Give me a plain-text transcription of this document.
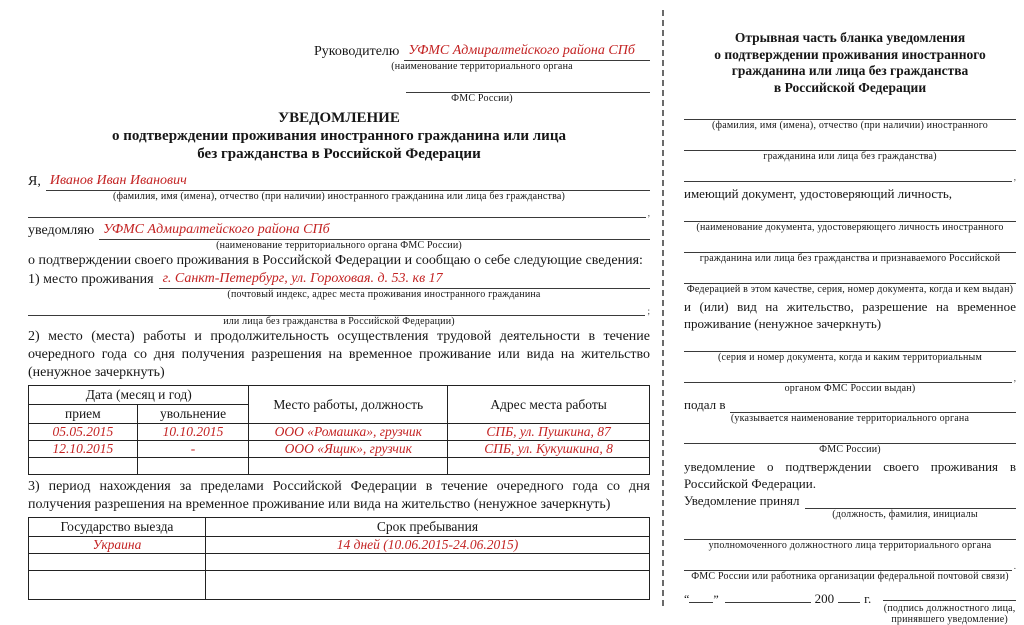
Руководителю УФМС Адмиралтейского района СПб
(наименование территориального органа
ФМС России)
УВЕДОМЛЕНИЕ
о подтверждении проживания иностранного гражданина или лица
без гражданства в Российской Федерации
Я, Иванов Иван Иванович
(фамилия, имя (имена), отчество (при наличии) иностранного гражданина или лица без гражданства)
,
уведомляю УФМС Адмиралтейского района СПб
(наименование территориального органа ФМС России)
о подтверждении своего проживания в Российской Федерации и сообщаю о себе следующие сведения:
1) место проживания г. Санкт-Петербург, ул. Гороховая. д. 53. кв 17
(почтовый индекс, адрес места проживания иностранного гражданина
;
или лица без гражданства в Российской Федерации)
2) место (места) работы и продолжительность осуществления трудовой деятельности в течение очередного года со дня получения разрешения на временное проживание или вида на жительство (ненужное зачеркнуть)
Дата (месяц и год)		Место работы, должность	Адрес места работы
прием	увольнение		
05.05.2015	10.10.2015	ООО «Ромашка», грузчик	СПБ, ул. Пушкина, 87
12.10.2015	-	ООО «Ящик», грузчик	СПБ, ул. Кукушкина, 8

3) период нахождения за пределами Российской Федерации в течение очередного года со дня получения разрешения на временное проживание или вида на жительство (ненужное зачеркнуть)
Государство выезда	Срок пребывания
Украина	14 дней (10.06.2015-24.06.2015)

Отрывная часть бланка уведомления
о подтверждении проживания иностранного
гражданина или лица без гражданства
в Российской Федерации
(фамилия, имя (имена), отчество (при наличии) иностранного
гражданина или лица без гражданства)
,
имеющий документ, удостоверяющий личность,
(наименование документа, удостоверяющего личность иностранного
гражданина или лица без гражданства и признаваемого Российской
Федерацией в этом качестве, серия, номер документа, когда и кем выдан)
и (или) вид на жительство, разрешение на временное проживание (ненужное зачеркнуть)
(серия и номер документа, когда и каким территориальным
,
органом ФМС России выдан)
подал в
(указывается наименование территориального органа
ФМС России)
уведомление о подтверждении своего проживания в Российской Федерации.
Уведомление принял
(должность, фамилия, инициалы
уполномоченного должностного лица территориального органа
.
ФМС России или работника организации федеральной почтовой связи)
“ ”	200 г.
(подпись должностного лица,
принявшего уведомление)
